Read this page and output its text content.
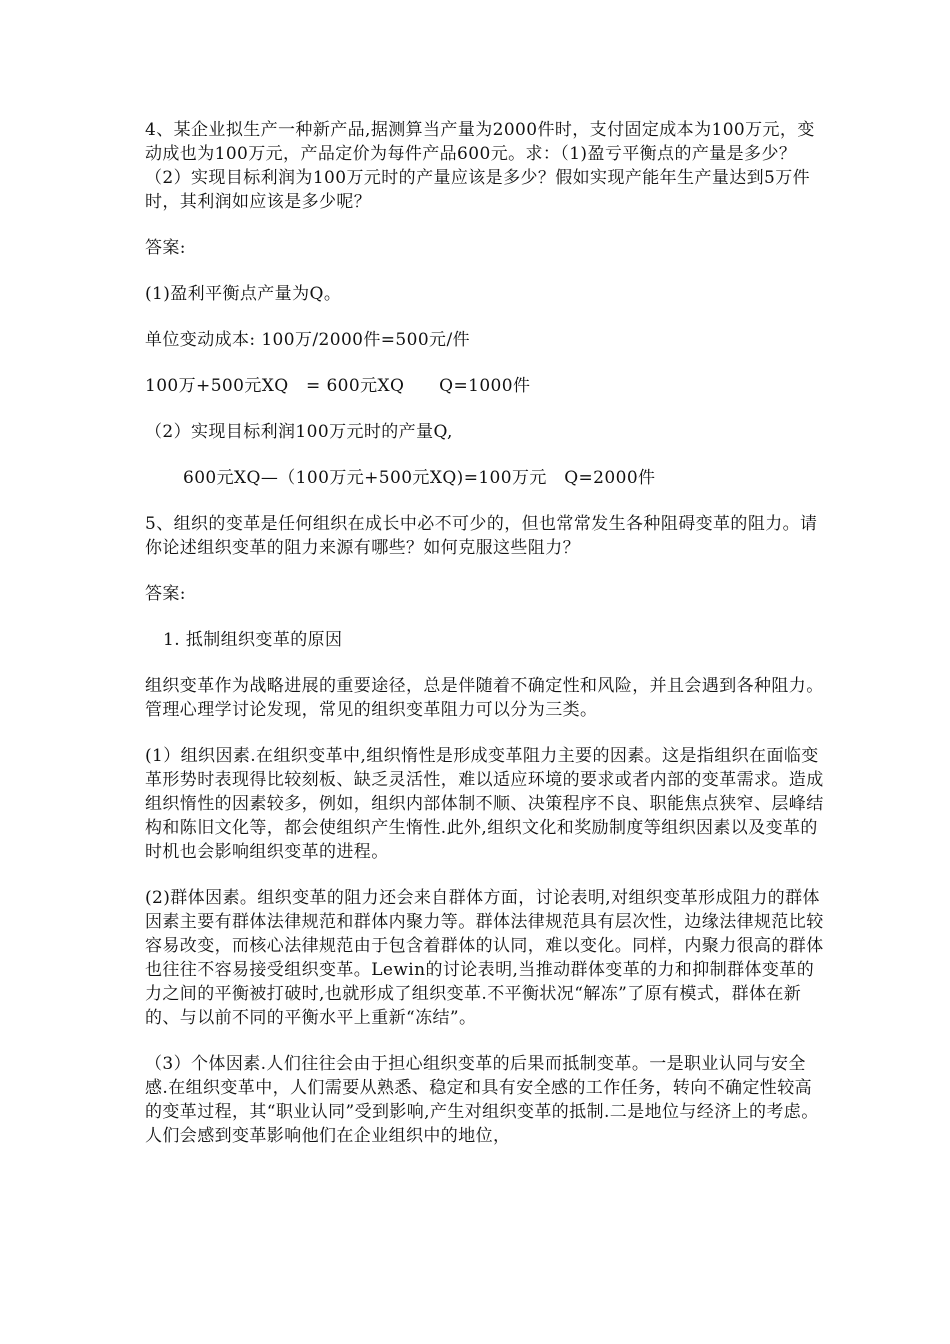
4、某企业拟生产一种新产品,据测算当产量为2000件时，支付固定成本为100万元，变动成也为100万元，产品定价为每件产品600元。求：（1)盈亏平衡点的产量是多少？（2）实现目标利润为100万元时的产量应该是多少？假如实现产能年生产量达到5万件时，其利润如应该是多少呢？

答案:

(1)盈利平衡点产量为Q。

单位变动成本: 100万/2000件=500元/件

100万+500元XQ   = 600元XQ      Q=1000件

（2）实现目标利润100万元时的产量Q,

600元XQ—（100万元+500元XQ)=100万元   Q=2000件

5、组织的变革是任何组织在成长中必不可少的，但也常常发生各种阻碍变革的阻力。请你论述组织变革的阻力来源有哪些？如何克服这些阻力？

答案:

1. 抵制组织变革的原因

组织变革作为战略进展的重要途径，总是伴随着不确定性和风险，并且会遇到各种阻力。管理心理学讨论发现，常见的组织变革阻力可以分为三类。

(1）组织因素.在组织变革中,组织惰性是形成变革阻力主要的因素。这是指组织在面临变革形势时表现得比较刻板、缺乏灵活性，难以适应环境的要求或者内部的变革需求。造成组织惰性的因素较多，例如，组织内部体制不顺、决策程序不良、职能焦点狭窄、层峰结构和陈旧文化等，都会使组织产生惰性.此外,组织文化和奖励制度等组织因素以及变革的时机也会影响组织变革的进程。

(2)群体因素。组织变革的阻力还会来自群体方面，讨论表明,对组织变革形成阻力的群体因素主要有群体法律规范和群体内聚力等。群体法律规范具有层次性，边缘法律规范比较容易改变，而核心法律规范由于包含着群体的认同，难以变化。同样，内聚力很高的群体也往往不容易接受组织变革。Lewin的讨论表明,当推动群体变革的力和抑制群体变革的力之间的平衡被打破时,也就形成了组织变革.不平衡状况“解冻”了原有模式，群体在新的、与以前不同的平衡水平上重新“冻结”。

（3）个体因素.人们往往会由于担心组织变革的后果而抵制变革。一是职业认同与安全感.在组织变革中，人们需要从熟悉、稳定和具有安全感的工作任务，转向不确定性较高的变革过程，其“职业认同”受到影响,产生对组织变革的抵制.二是地位与经济上的考虑。人们会感到变革影响他们在企业组织中的地位，
